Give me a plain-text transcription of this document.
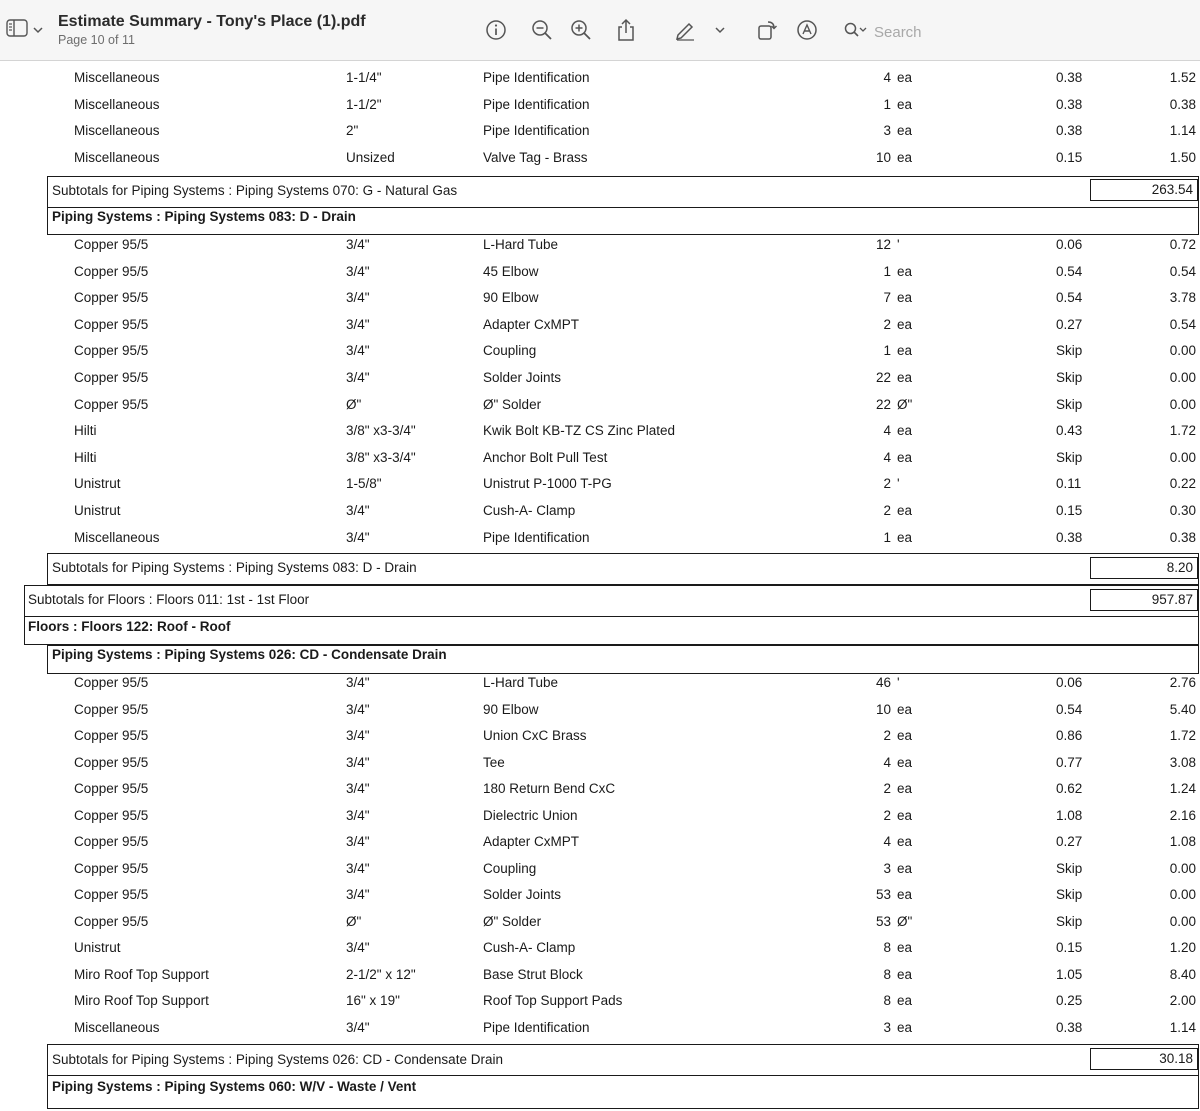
Estimate Summary - Tony's Place (1).pdf
Page 10 of 11
Search
Miscellaneous	1-1/4"	Pipe Identification	4 ea	0.38	1.52
Miscellaneous	1-1/2"	Pipe Identification	1 ea	0.38	0.38
Miscellaneous	2"	Pipe Identification	3 ea	0.38	1.14
Miscellaneous	Unsized	Valve Tag - Brass	10 ea	0.15	1.50
Subtotals for Piping Systems : Piping Systems 070: G - Natural Gas	263.54
Piping Systems : Piping Systems 083: D - Drain
Copper 95/5	3/4"	L-Hard Tube	12 '	0.06	0.72
Copper 95/5	3/4"	45 Elbow	1 ea	0.54	0.54
Copper 95/5	3/4"	90 Elbow	7 ea	0.54	3.78
Copper 95/5	3/4"	Adapter CxMPT	2 ea	0.27	0.54
Copper 95/5	3/4"	Coupling	1 ea	Skip	0.00
Copper 95/5	3/4"	Solder Joints	22 ea	Skip	0.00
Copper 95/5	Ø"	Ø" Solder	22 Ø"	Skip	0.00
Hilti	3/8" x3-3/4"	Kwik Bolt KB-TZ CS Zinc Plated	4 ea	0.43	1.72
Hilti	3/8" x3-3/4"	Anchor Bolt Pull Test	4 ea	Skip	0.00
Unistrut	1-5/8"	Unistrut P-1000 T-PG	2 '	0.11	0.22
Unistrut	3/4"	Cush-A- Clamp	2 ea	0.15	0.30
Miscellaneous	3/4"	Pipe Identification	1 ea	0.38	0.38
Subtotals for Piping Systems : Piping Systems 083: D - Drain	8.20
Subtotals for Floors : Floors 011: 1st - 1st Floor	957.87
Floors : Floors 122: Roof - Roof
Piping Systems : Piping Systems 026: CD - Condensate Drain
Copper 95/5	3/4"	L-Hard Tube	46 '	0.06	2.76
Copper 95/5	3/4"	90 Elbow	10 ea	0.54	5.40
Copper 95/5	3/4"	Union CxC Brass	2 ea	0.86	1.72
Copper 95/5	3/4"	Tee	4 ea	0.77	3.08
Copper 95/5	3/4"	180 Return Bend CxC	2 ea	0.62	1.24
Copper 95/5	3/4"	Dielectric Union	2 ea	1.08	2.16
Copper 95/5	3/4"	Adapter CxMPT	4 ea	0.27	1.08
Copper 95/5	3/4"	Coupling	3 ea	Skip	0.00
Copper 95/5	3/4"	Solder Joints	53 ea	Skip	0.00
Copper 95/5	Ø"	Ø" Solder	53 Ø"	Skip	0.00
Unistrut	3/4"	Cush-A- Clamp	8 ea	0.15	1.20
Miro Roof Top Support	2-1/2" x 12"	Base Strut Block	8 ea	1.05	8.40
Miro Roof Top Support	16" x 19"	Roof Top Support Pads	8 ea	0.25	2.00
Miscellaneous	3/4"	Pipe Identification	3 ea	0.38	1.14
Subtotals for Piping Systems : Piping Systems 026: CD - Condensate Drain	30.18
Piping Systems : Piping Systems 060: W/V - Waste / Vent
